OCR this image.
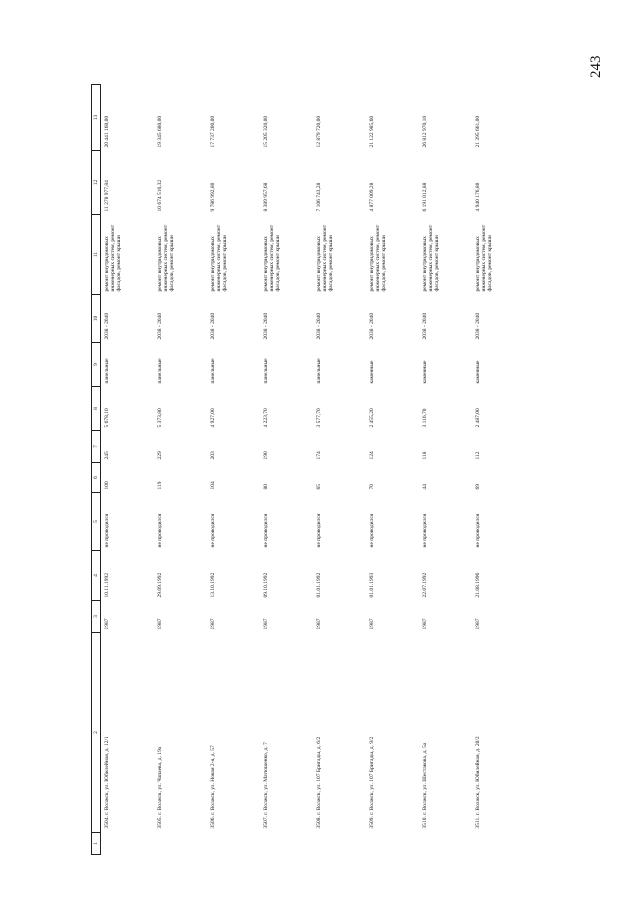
243
1	2	3	4	5	6	7	8	9	10	11	12	13
	3504. г. Волжск, ул. Юбилейная, д. 12/1	1987	10.11.1992	не проводился	100	245	5 678,10	панельные	2038 - 2040	ремонт внутридомовых инженерных систем, ремонт фасадов, ремонт крыши	11 278 977,84	20 441 160,00
	3505. г. Волжск, ул. Чапаева, д. 19а	1987	29.09.1992	не проводился	119	229	5 373,80	панельные	2038 - 2040	ремонт внутридомовых инженерных систем, ремонт фасадов, ремонт крыши	10 674 516,32	19 345 680,00
	3506. г. Волжск, ул. Новая 2-я, д. 57	1987	13.10.1992	не проводился	104	203	4 927,00	панельные	2038 - 2040	ремонт внутридомовых инженерных систем, ремонт фасадов, ремонт крыши	9 786 992,80	17 737 200,00
	3507. г. Волжск, ул. Матюшенко, д. 7	1987	09.10.1992	не проводился	80	190	4 223,70	панельные	2038 - 2040	ремонт внутридомовых инженерных систем, ремонт фасадов, ремонт крыши	8 389 957,68	15 205 320,00
	3508. г. Волжск, ул. 107 Бригады, д. 6/2	1987	01.01.1992	не проводился	65	174	3 577,70	панельные	2038 - 2040	ремонт внутридомовых инженерных систем, ремонт фасадов, ремонт крыши	7 106 743,28	12 879 720,00
	3509. г. Волжск, ул. 107 Бригады, д. 9/2	1987	01.01.1993	не проводился	70	124	2 455,20	каменные	2038 - 2040	ремонт внутридомовых инженерных систем, ремонт фасадов, ремонт крыши	4 877 009,28	21 122 985,60
	3510. г. Волжск, ул. Шестакова, д. 5а	1987	22.07.1992	не проводился	44	118	3 116,70	каменные	2038 - 2040	ремонт внутридомовых инженерных систем, ремонт фасадов, ремонт крыши	6 191 012,88	26 812 970,10
	3511. г. Волжск, ул. Юбилейная, д. 20/2	1987	21.08.1996	не проводился	69	112	2 487,00	каменные	2038 - 2040	ремонт внутридомовых инженерных систем, ремонт фасадов, ремонт крыши	4 940 176,80	21 395 661,00
